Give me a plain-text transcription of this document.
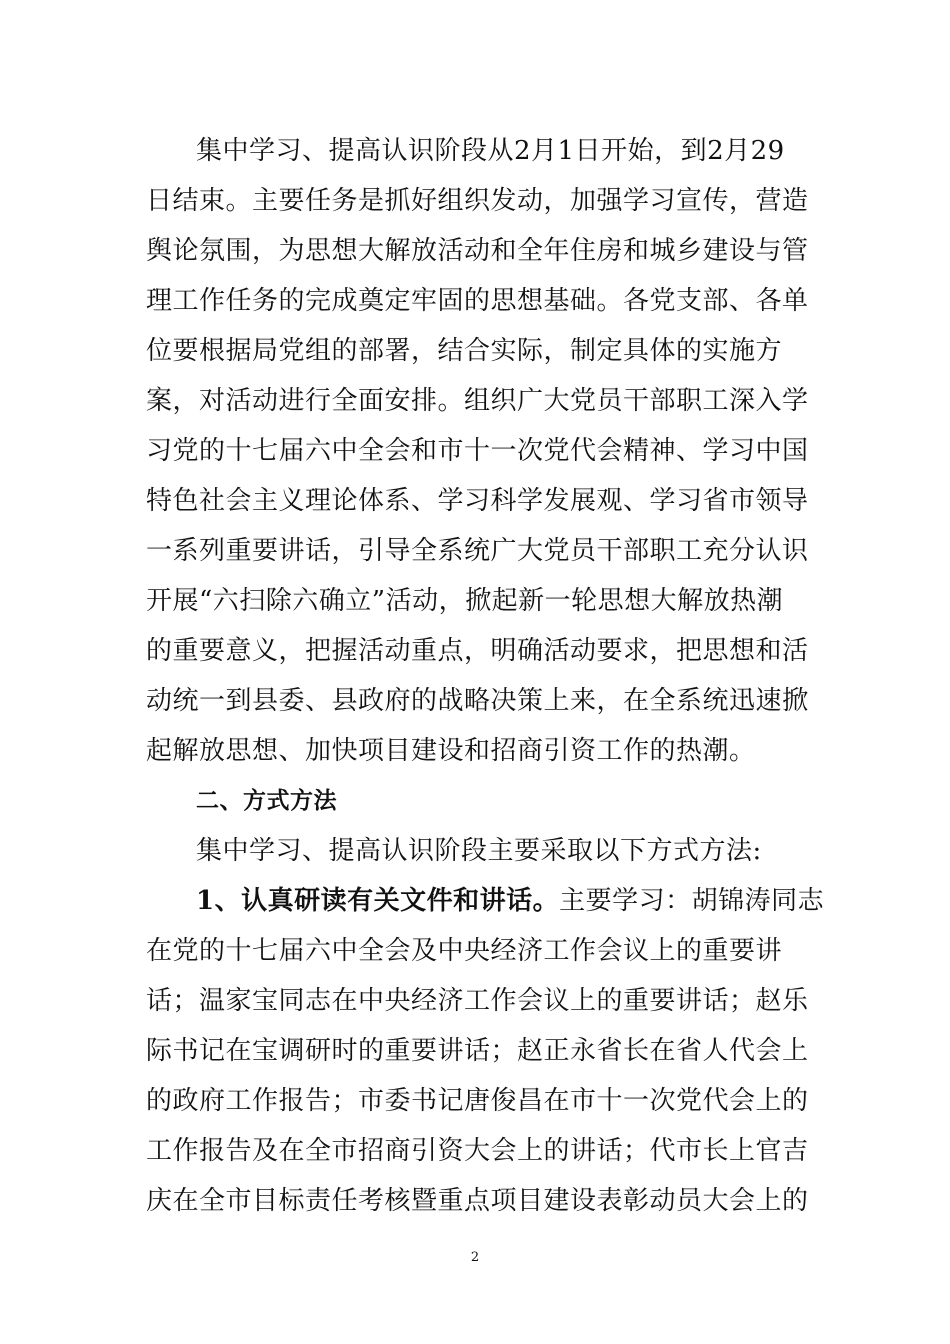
集中学习、提高认识阶段从2月1日开始，到2月29
日结束。主要任务是抓好组织发动，加强学习宣传，营造
舆论氛围，为思想大解放活动和全年住房和城乡建设与管
理工作任务的完成奠定牢固的思想基础。各党支部、各单
位要根据局党组的部署，结合实际，制定具体的实施方
案，对活动进行全面安排。组织广大党员干部职工深入学
习党的十七届六中全会和市十一次党代会精神、学习中国
特色社会主义理论体系、学习科学发展观、学习省市领导
一系列重要讲话，引导全系统广大党员干部职工充分认识
开展“六扫除六确立”活动，掀起新一轮思想大解放热潮
的重要意义，把握活动重点，明确活动要求，把思想和活
动统一到县委、县政府的战略决策上来，在全系统迅速掀
起解放思想、加快项目建设和招商引资工作的热潮。
二、方式方法
集中学习、提高认识阶段主要采取以下方式方法:
1、认真研读有关文件和讲话。主要学习：胡锦涛同志
在党的十七届六中全会及中央经济工作会议上的重要讲
话；温家宝同志在中央经济工作会议上的重要讲话；赵乐
际书记在宝调研时的重要讲话；赵正永省长在省人代会上
的政府工作报告；市委书记唐俊昌在市十一次党代会上的
工作报告及在全市招商引资大会上的讲话；代市长上官吉
庆在全市目标责任考核暨重点项目建设表彰动员大会上的
2
